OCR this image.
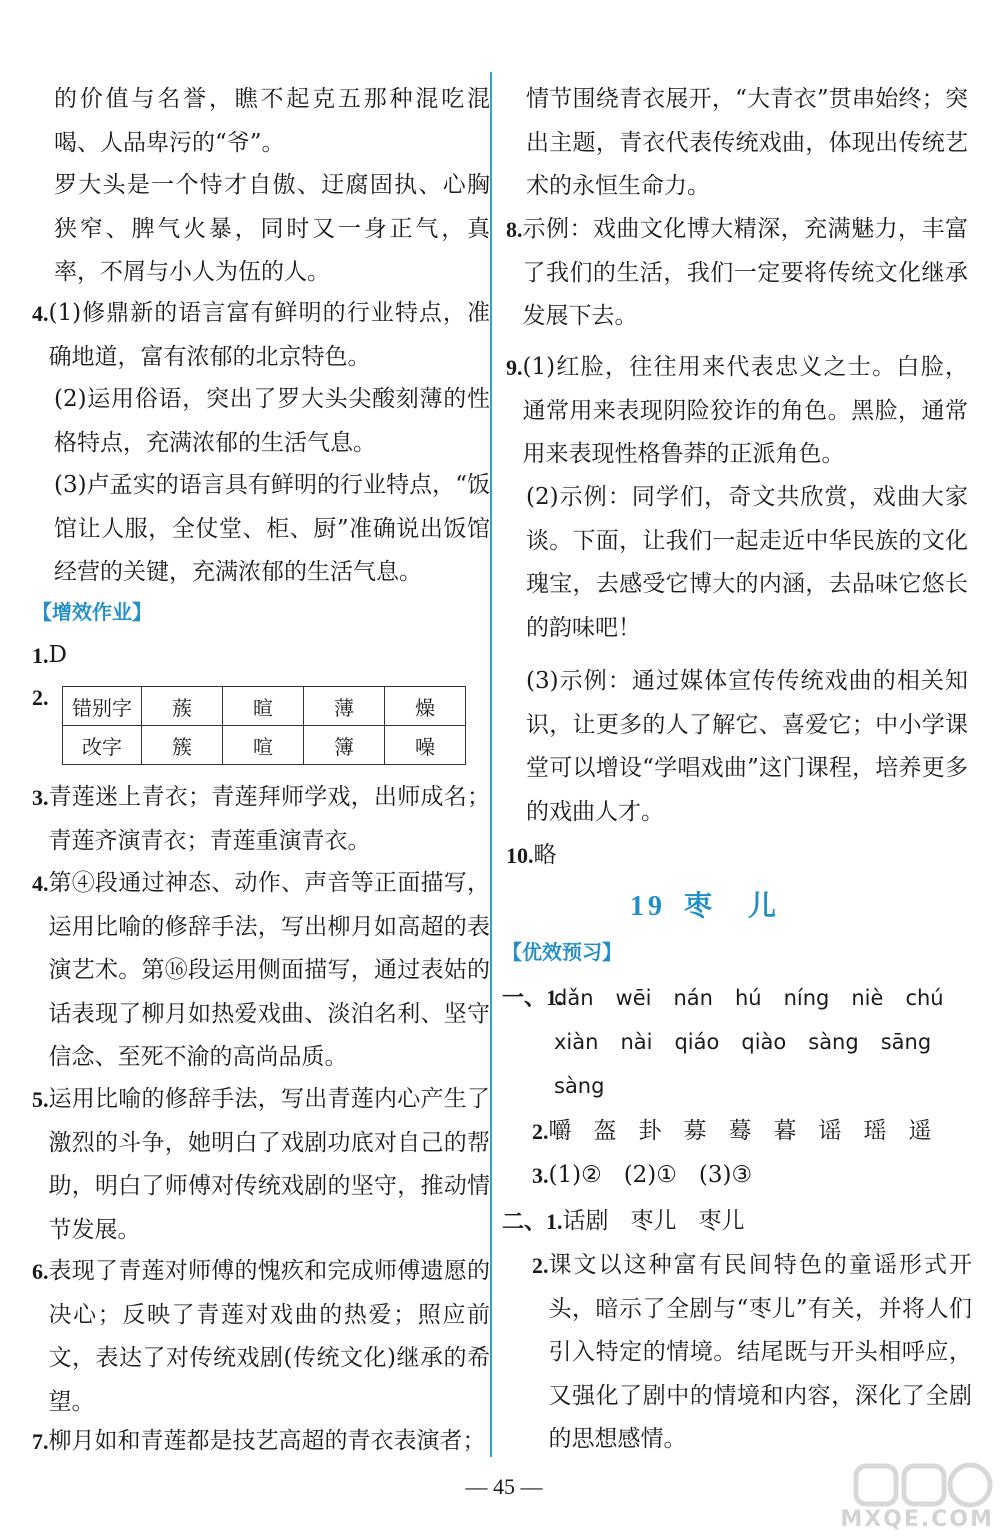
的价值与名誉，瞧不起克五那种混吃混喝、人品卑污的“爷”。
罗大头是一个恃才自傲、迂腐固执、心胸狭窄、脾气火暴，同时又一身正气，真率，不屑与小人为伍的人。
4. (1)修鼎新的语言富有鲜明的行业特点，准确地道，富有浓郁的北京特色。
(2)运用俗语，突出了罗大头尖酸刻薄的性格特点，充满浓郁的生活气息。
(3)卢孟实的语言具有鲜明的行业特点，“饭馆让人服，全仗堂、柜、厨”准确说出饭馆经营的关键，充满浓郁的生活气息。
【增效作业】
1. D
2. 错别字	蔟	暄	薄	燥
改字	簇	喧	簿	噪
3. 青莲迷上青衣；青莲拜师学戏，出师成名；青莲齐演青衣；青莲重演青衣。
4. 第④段通过神态、动作、声音等正面描写，运用比喻的修辞手法，写出柳月如高超的表演艺术。第⑯段运用侧面描写，通过表姑的话表现了柳月如热爱戏曲、淡泊名利、坚守信念、至死不渝的高尚品质。
5. 运用比喻的修辞手法，写出青莲内心产生了激烈的斗争，她明白了戏剧功底对自己的帮助，明白了师傅对传统戏剧的坚守，推动情节发展。
6. 表现了青莲对师傅的愧疚和完成师傅遗愿的决心；反映了青莲对戏曲的热爱；照应前文，表达了对传统戏剧(传统文化)继承的希望。
7. 柳月如和青莲都是技艺高超的青衣表演者；
情节围绕青衣展开，“大青衣”贯串始终；突出主题，青衣代表传统戏曲，体现出传统艺术的永恒生命力。
8. 示例：戏曲文化博大精深，充满魅力，丰富了我们的生活，我们一定要将传统文化继承发展下去。
9. (1)红脸，往往用来代表忠义之士。白脸，通常用来表现阴险狡诈的角色。黑脸，通常用来表现性格鲁莽的正派角色。
(2)示例：同学们，奇文共欣赏，戏曲大家谈。下面，让我们一起走近中华民族的文化瑰宝，去感受它博大的内涵，去品味它悠长的韵味吧！
(3)示例：通过媒体宣传传统戏曲的相关知识，让更多的人了解它、喜爱它；中小学课堂可以增设“学唱戏曲”这门课程，培养更多的戏曲人才。
10. 略
19 枣　儿
【优效预习】
一、1.
dǎn wēi nán hú níng niè chú
xiàn nài qiáo qiào sàng sāng
sàng
2. 嚼 盔 卦 募 蓦 暮 谣 瑶 遥
3. (1)② (2)① (3)③
二、1. 话剧 枣儿 枣儿
2. 课文以这种富有民间特色的童谣形式开头，暗示了全剧与“枣儿”有关，并将人们引入特定的情境。结尾既与开头相呼应，又强化了剧中的情境和内容，深化了全剧的思想感情。
— 45 —
MXQE.COM
